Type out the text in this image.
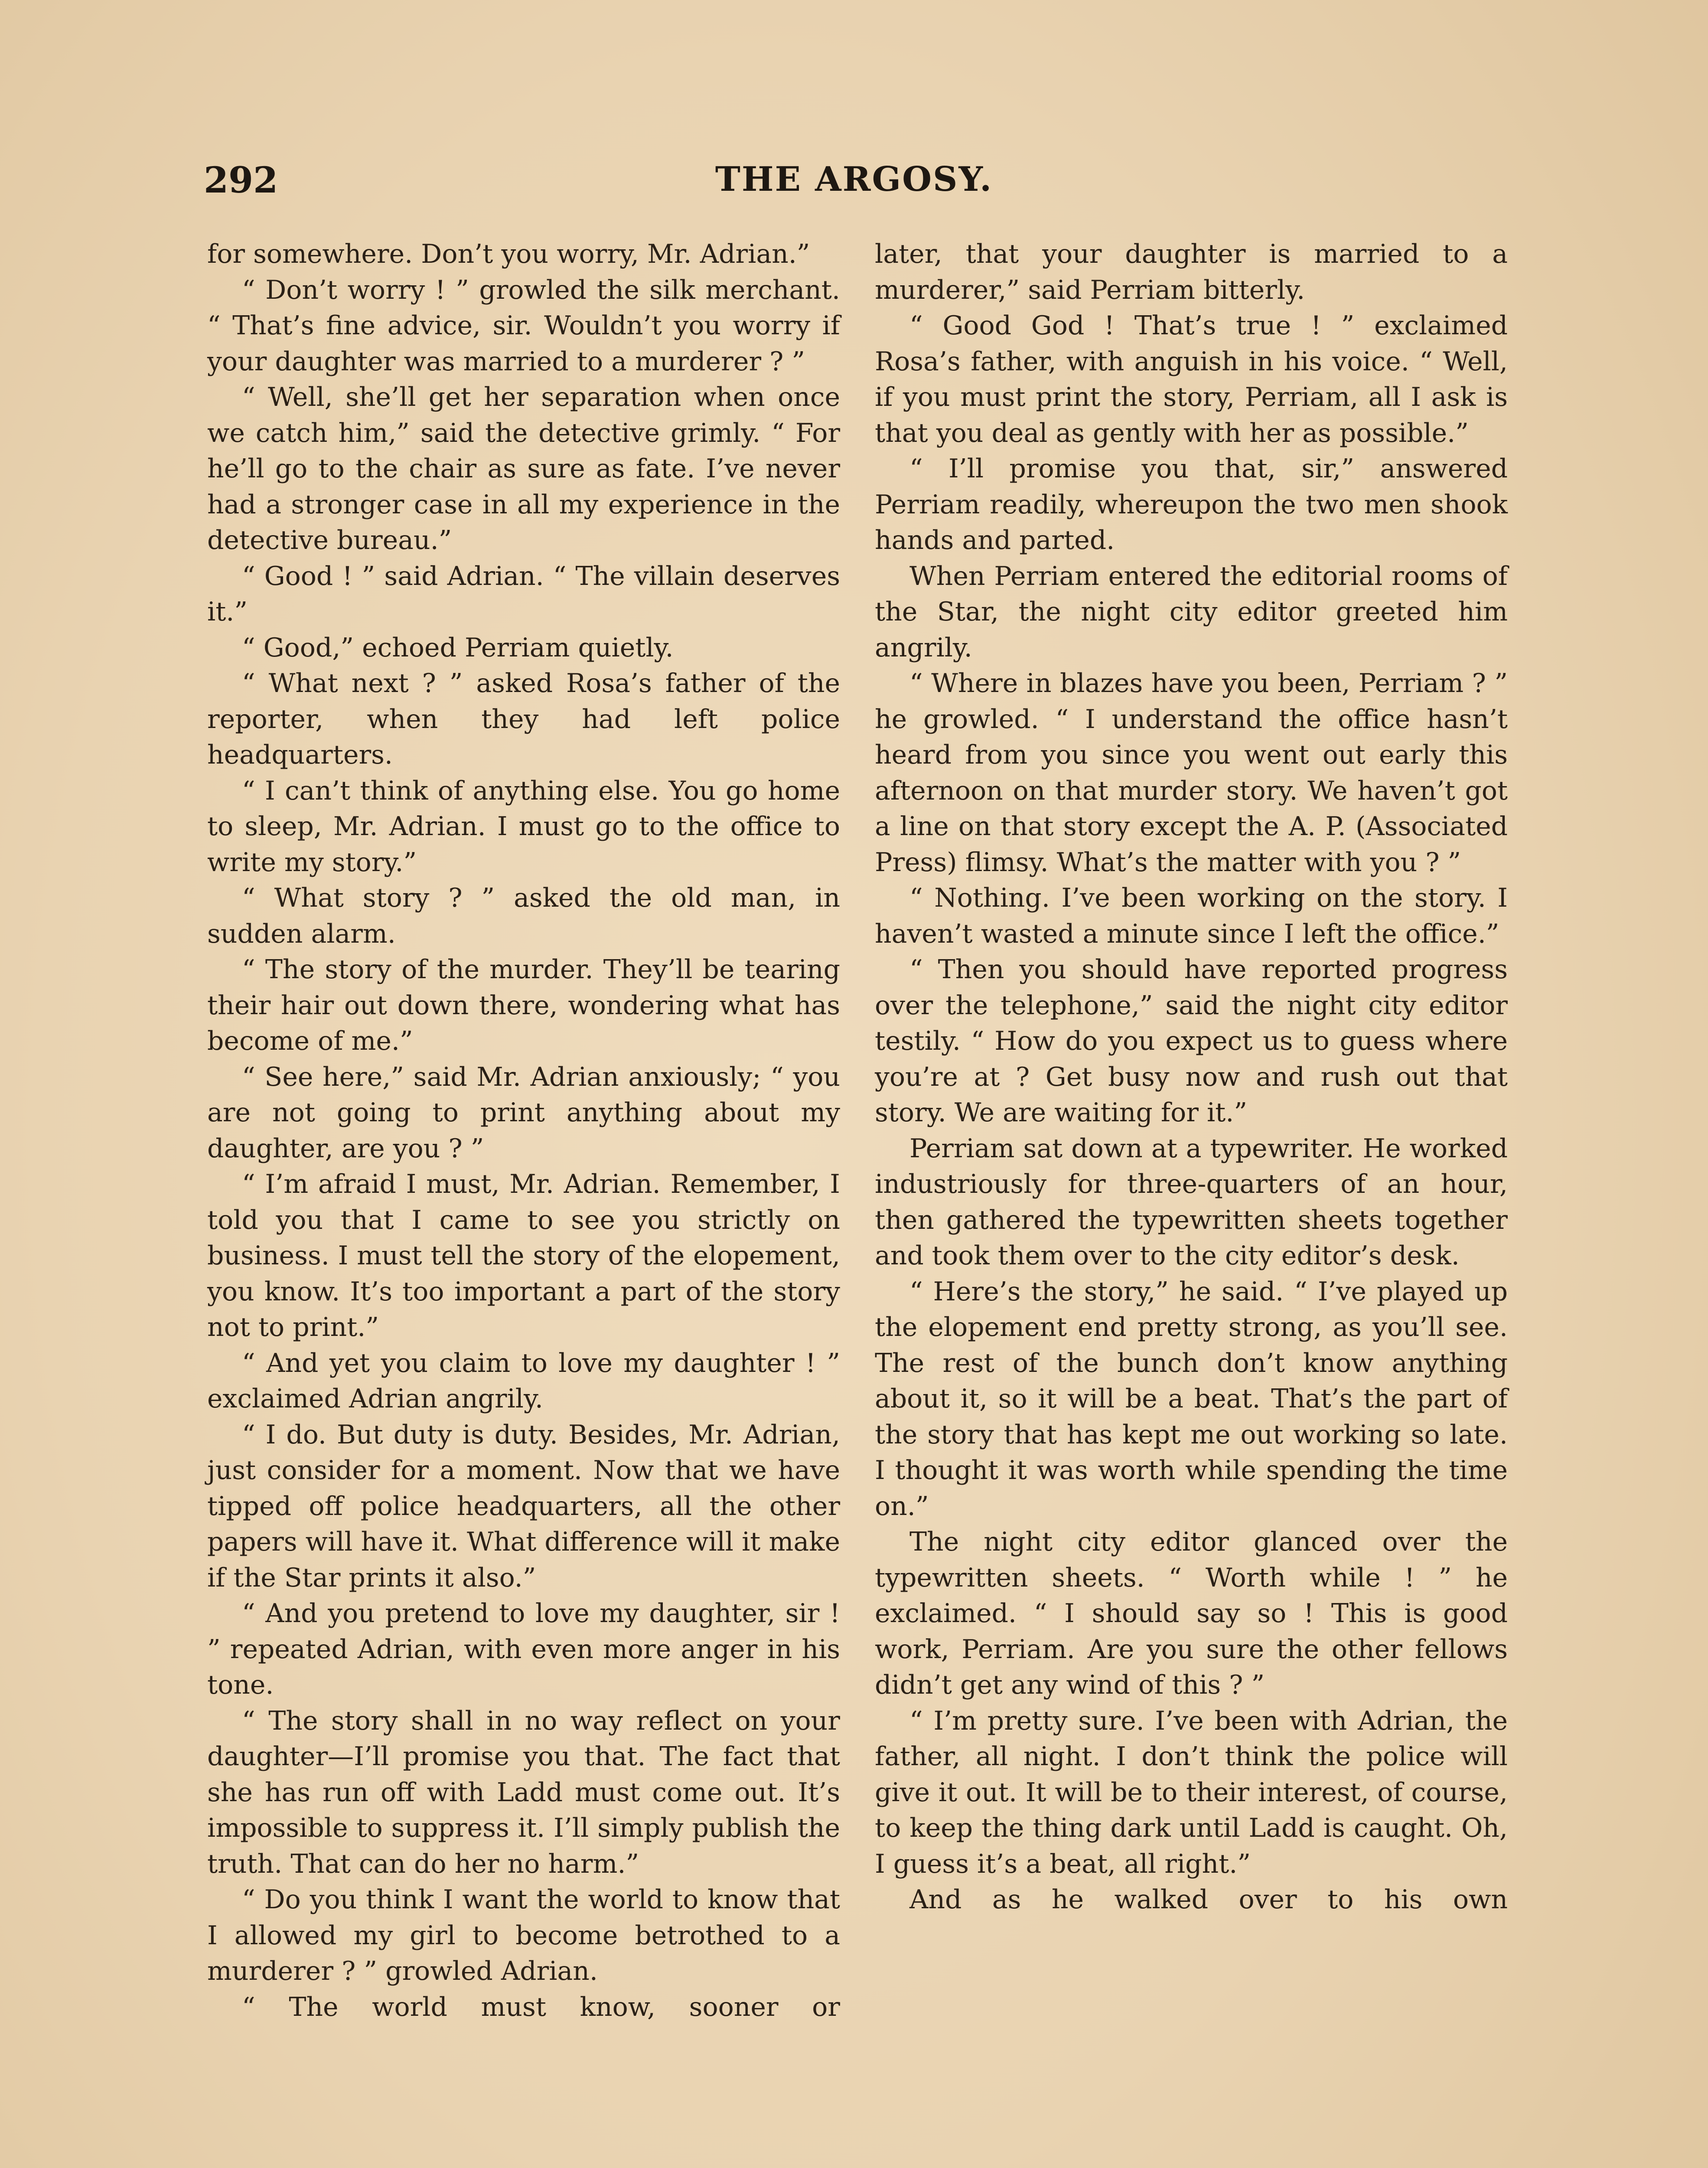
292	THE ARGOSY.

for somewhere. Don’t you worry, Mr. Adrian.”

“ Don’t worry ! ” growled the silk merchant. “ That’s fine advice, sir. Wouldn’t you worry if your daughter was married to a murderer ? ”

“ Well, she’ll get her separation when once we catch him,” said the detective grimly. “ For he’ll go to the chair as sure as fate. I’ve never had a stronger case in all my experience in the detective bureau.”

“ Good ! ” said Adrian. “ The villain deserves it.”

“ Good,” echoed Perriam quietly.

“ What next ? ” asked Rosa’s father of the reporter, when they had left police headquarters.

“ I can’t think of anything else. You go home to sleep, Mr. Adrian. I must go to the office to write my story.”

“ What story ? ” asked the old man, in sudden alarm.

“ The story of the murder. They’ll be tearing their hair out down there, wondering what has become of me.”

“ See here,” said Mr. Adrian anxiously; “ you are not going to print anything about my daughter, are you ? ”

“ I’m afraid I must, Mr. Adrian. Remember, I told you that I came to see you strictly on business. I must tell the story of the elopement, you know. It’s too important a part of the story not to print.”

“ And yet you claim to love my daughter ! ” exclaimed Adrian angrily.

“ I do. But duty is duty. Besides, Mr. Adrian, just consider for a moment. Now that we have tipped off police headquarters, all the other papers will have it. What difference will it make if the Star prints it also.”

“ And you pretend to love my daughter, sir ! ” repeated Adrian, with even more anger in his tone.

“ The story shall in no way reflect on your daughter—I’ll promise you that. The fact that she has run off with Ladd must come out. It’s impossible to suppress it. I’ll simply publish the truth. That can do her no harm.”

“ Do you think I want the world to know that I allowed my girl to become betrothed to a murderer ? ” growled Adrian.

“ The world must know, sooner or

later, that your daughter is married to a murderer,” said Perriam bitterly.

“ Good God ! That’s true ! ” exclaimed Rosa’s father, with anguish in his voice. “ Well, if you must print the story, Perriam, all I ask is that you deal as gently with her as possible.”

“ I’ll promise you that, sir,” answered Perriam readily, whereupon the two men shook hands and parted.

When Perriam entered the editorial rooms of the Star, the night city editor greeted him angrily.

“ Where in blazes have you been, Perriam ? ” he growled. “ I understand the office hasn’t heard from you since you went out early this afternoon on that murder story. We haven’t got a line on that story except the A. P. (Associated Press) flimsy. What’s the matter with you ? ”

“ Nothing. I’ve been working on the story. I haven’t wasted a minute since I left the office.”

“ Then you should have reported progress over the telephone,” said the night city editor testily. “ How do you expect us to guess where you’re at ? Get busy now and rush out that story. We are waiting for it.”

Perriam sat down at a typewriter. He worked industriously for three-quarters of an hour, then gathered the typewritten sheets together and took them over to the city editor’s desk.

“ Here’s the story,” he said. “ I’ve played up the elopement end pretty strong, as you’ll see. The rest of the bunch don’t know anything about it, so it will be a beat. That’s the part of the story that has kept me out working so late. I thought it was worth while spending the time on.”

The night city editor glanced over the typewritten sheets. “ Worth while ! ” he exclaimed. “ I should say so ! This is good work, Perriam. Are you sure the other fellows didn’t get any wind of this ? ”

“ I’m pretty sure. I’ve been with Adrian, the father, all night. I don’t think the police will give it out. It will be to their interest, of course, to keep the thing dark until Ladd is caught. Oh, I guess it’s a beat, all right.”

And as he walked over to his own
